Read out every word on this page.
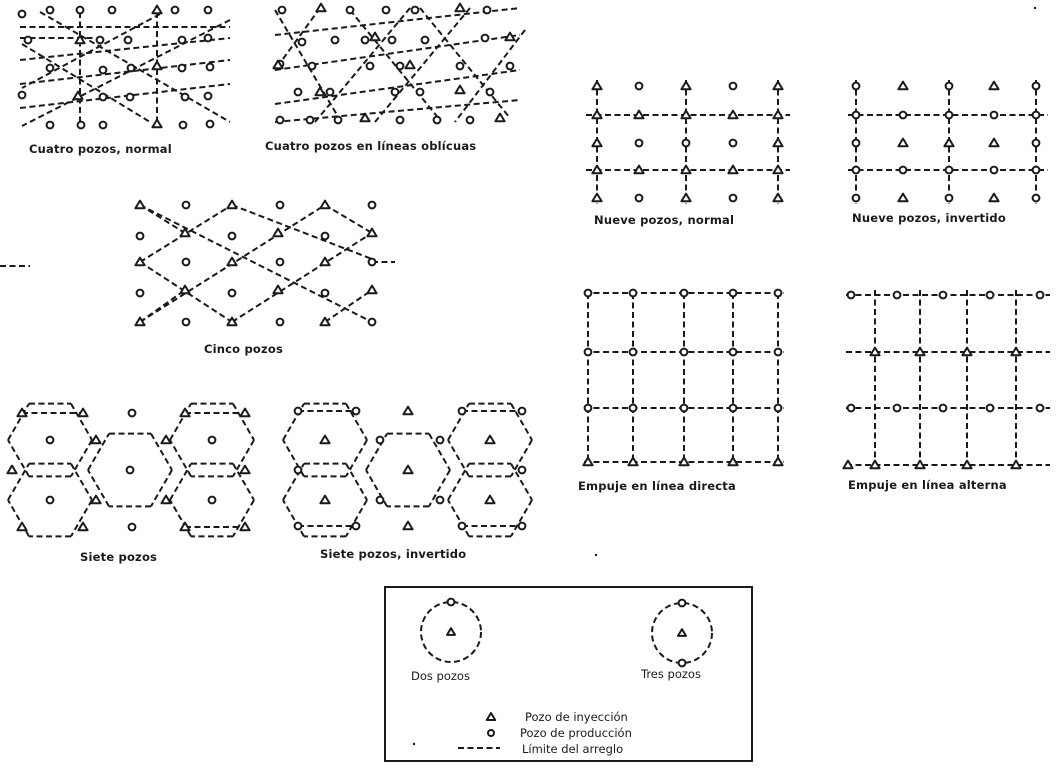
Cuatro pozos, normal	Cuatro pozos en líneas oblícuas
Nueve pozos, normal	Nueve pozos, invertido
Cinco pozos
Empuje en línea directa	Empuje en línea alterna
Siete pozos	Siete pozos, invertido
Dos pozos	Tres pozos
Pozo de inyección
Pozo de producción
Límite del arreglo
